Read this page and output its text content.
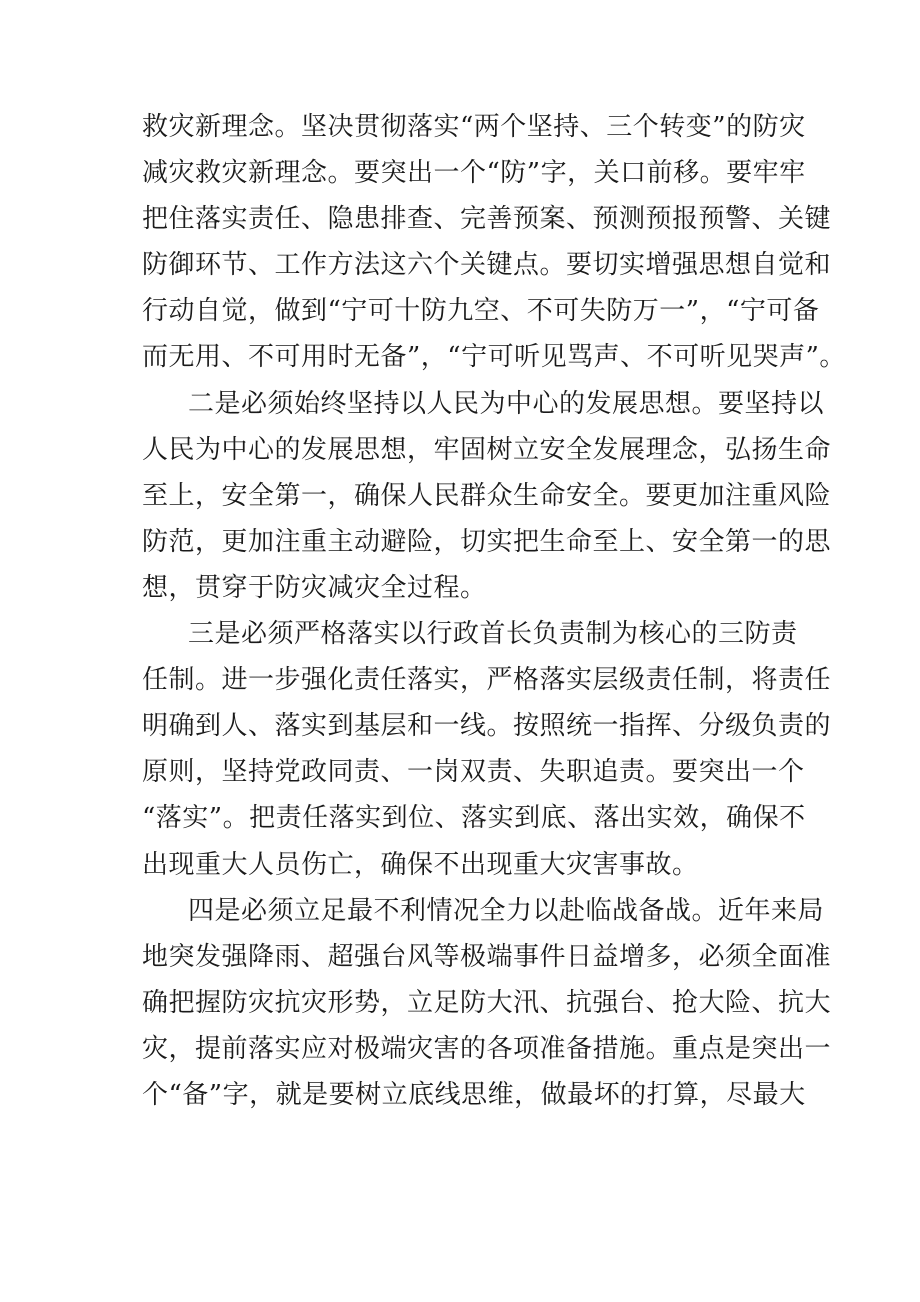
救灾新理念。坚决贯彻落实“两个坚持、三个转变”的防灾
减灾救灾新理念。要突出一个“防”字，关口前移。要牢牢
把住落实责任、隐患排查、完善预案、预测预报预警、关键
防御环节、工作方法这六个关键点。要切实增强思想自觉和
行动自觉，做到“宁可十防九空、不可失防万一”，“宁可备
而无用、不可用时无备”，“宁可听见骂声、不可听见哭声”。
二是必须始终坚持以人民为中心的发展思想。要坚持以
人民为中心的发展思想，牢固树立安全发展理念，弘扬生命
至上，安全第一，确保人民群众生命安全。要更加注重风险
防范，更加注重主动避险，切实把生命至上、安全第一的思
想，贯穿于防灾减灾全过程。
三是必须严格落实以行政首长负责制为核心的三防责
任制。进一步强化责任落实，严格落实层级责任制，将责任
明确到人、落实到基层和一线。按照统一指挥、分级负责的
原则，坚持党政同责、一岗双责、失职追责。要突出一个
“落实”。把责任落实到位、落实到底、落出实效，确保不
出现重大人员伤亡，确保不出现重大灾害事故。
四是必须立足最不利情况全力以赴临战备战。近年来局
地突发强降雨、超强台风等极端事件日益增多，必须全面准
确把握防灾抗灾形势，立足防大汛、抗强台、抢大险、抗大
灾，提前落实应对极端灾害的各项准备措施。重点是突出一
个“备”字，就是要树立底线思维，做最坏的打算，尽最大
